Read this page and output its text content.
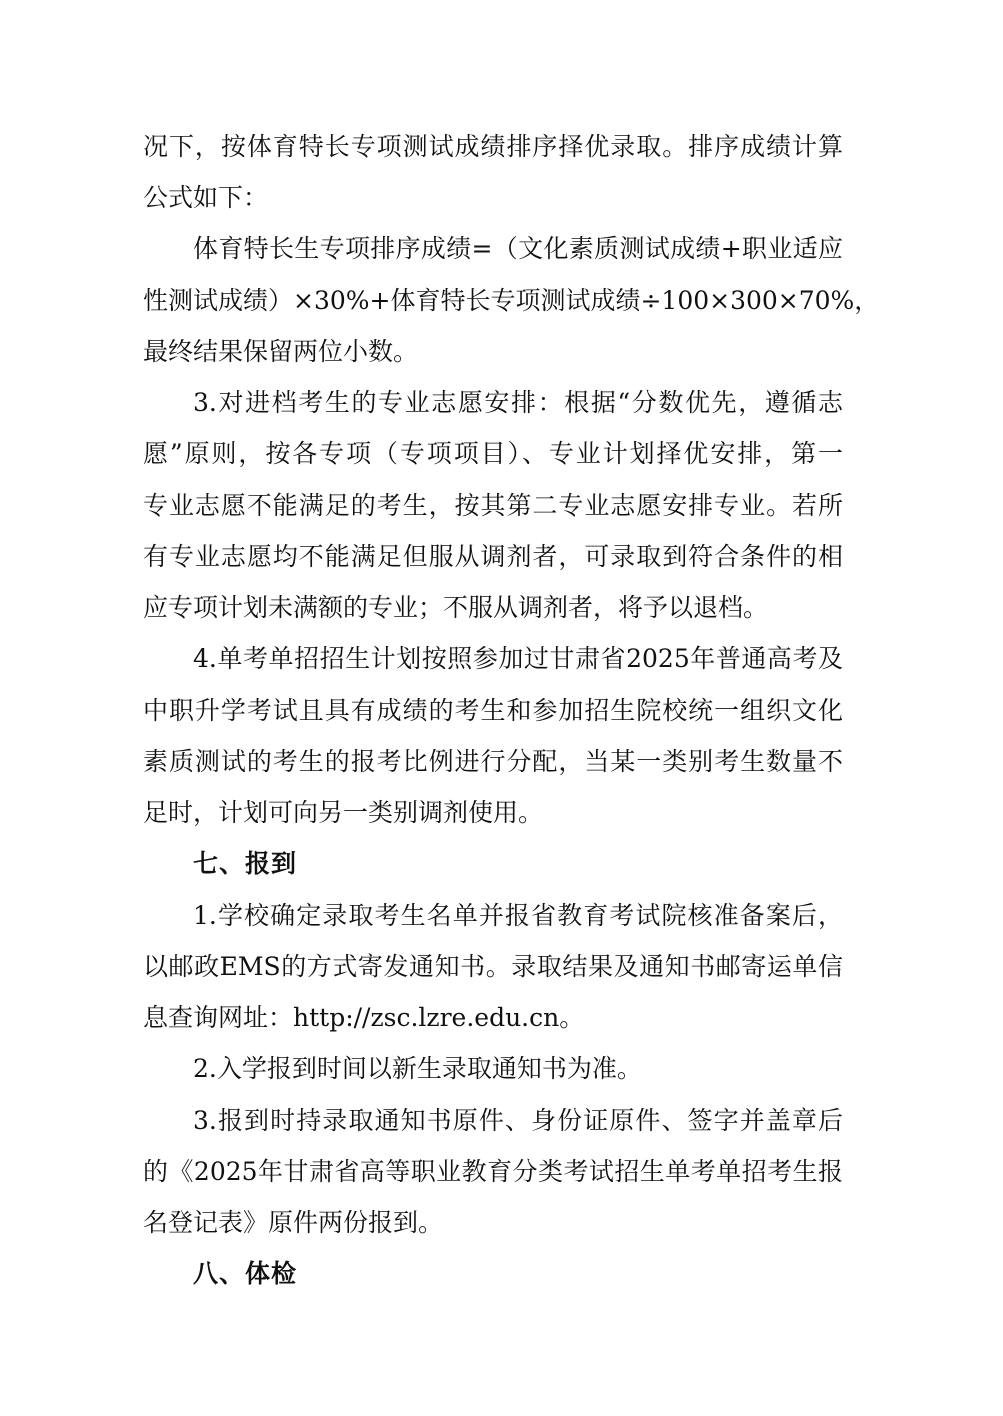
况下，按体育特长专项测试成绩排序择优录取。排序成绩计算
公式如下：
体育特长生专项排序成绩=（文化素质测试成绩+职业适应
性测试成绩）×30%+体育特长专项测试成绩÷100×300×70%，
最终结果保留两位小数。
3.对进档考生的专业志愿安排：根据“分数优先，遵循志
愿”原则，按各专项（专项项目）、专业计划择优安排，第一
专业志愿不能满足的考生，按其第二专业志愿安排专业。若所
有专业志愿均不能满足但服从调剂者，可录取到符合条件的相
应专项计划未满额的专业；不服从调剂者，将予以退档。
4.单考单招招生计划按照参加过甘肃省2025年普通高考及
中职升学考试且具有成绩的考生和参加招生院校统一组织文化
素质测试的考生的报考比例进行分配，当某一类别考生数量不
足时，计划可向另一类别调剂使用。
七、报到
1.学校确定录取考生名单并报省教育考试院核准备案后，
以邮政EMS的方式寄发通知书。录取结果及通知书邮寄运单信
息查询网址：http://zsc.lzre.edu.cn。
2.入学报到时间以新生录取通知书为准。
3.报到时持录取通知书原件、身份证原件、签字并盖章后
的《2025年甘肃省高等职业教育分类考试招生单考单招考生报
名登记表》原件两份报到。
八、体检
